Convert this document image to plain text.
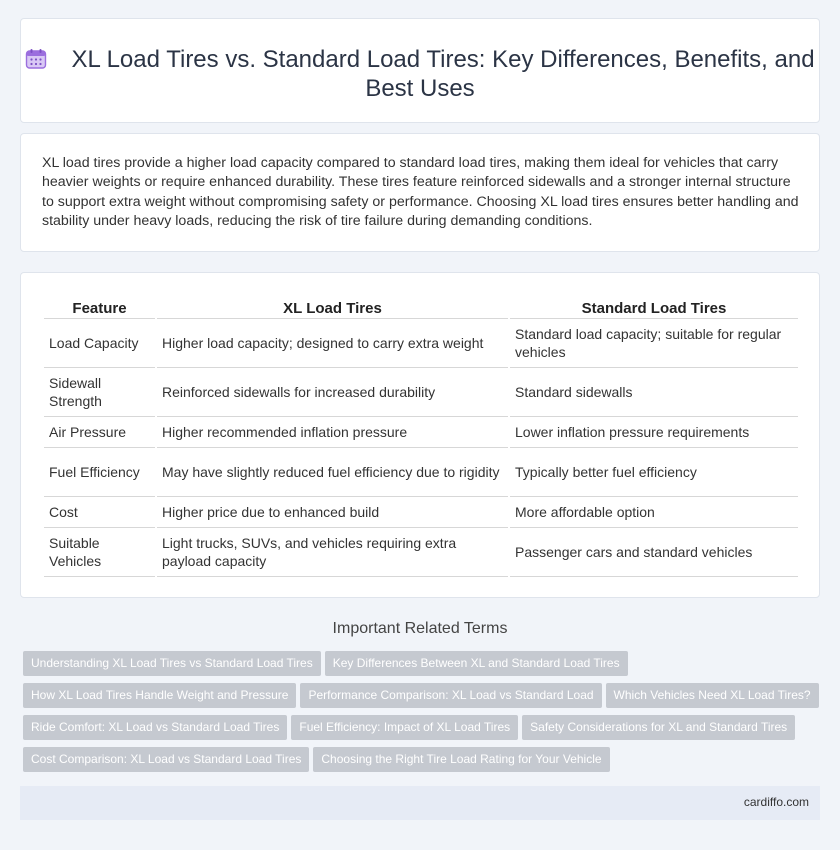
XL Load Tires vs. Standard Load Tires: Key Differences, Benefits, and Best Uses

XL load tires provide a higher load capacity compared to standard load tires, making them ideal for vehicles that carry heavier weights or require enhanced durability. These tires feature reinforced sidewalls and a stronger internal structure to support extra weight without compromising safety or performance. Choosing XL load tires ensures better handling and stability under heavy loads, reducing the risk of tire failure during demanding conditions.

Feature	XL Load Tires	Standard Load Tires
Load Capacity	Higher load capacity; designed to carry extra weight	Standard load capacity; suitable for regular vehicles
Sidewall Strength	Reinforced sidewalls for increased durability	Standard sidewalls
Air Pressure	Higher recommended inflation pressure	Lower inflation pressure requirements
Fuel Efficiency	May have slightly reduced fuel efficiency due to rigidity	Typically better fuel efficiency
Cost	Higher price due to enhanced build	More affordable option
Suitable Vehicles	Light trucks, SUVs, and vehicles requiring extra payload capacity	Passenger cars and standard vehicles
Important Related Terms
Understanding XL Load Tires vs Standard Load Tires Key Differences Between XL and Standard Load Tires
How XL Load Tires Handle Weight and Pressure Performance Comparison: XL Load vs Standard Load Which Vehicles Need XL Load Tires?
Ride Comfort: XL Load vs Standard Load Tires Fuel Efficiency: Impact of XL Load Tires Safety Considerations for XL and Standard Tires
Cost Comparison: XL Load vs Standard Load Tires Choosing the Right Tire Load Rating for Your Vehicle
cardiffo.com
